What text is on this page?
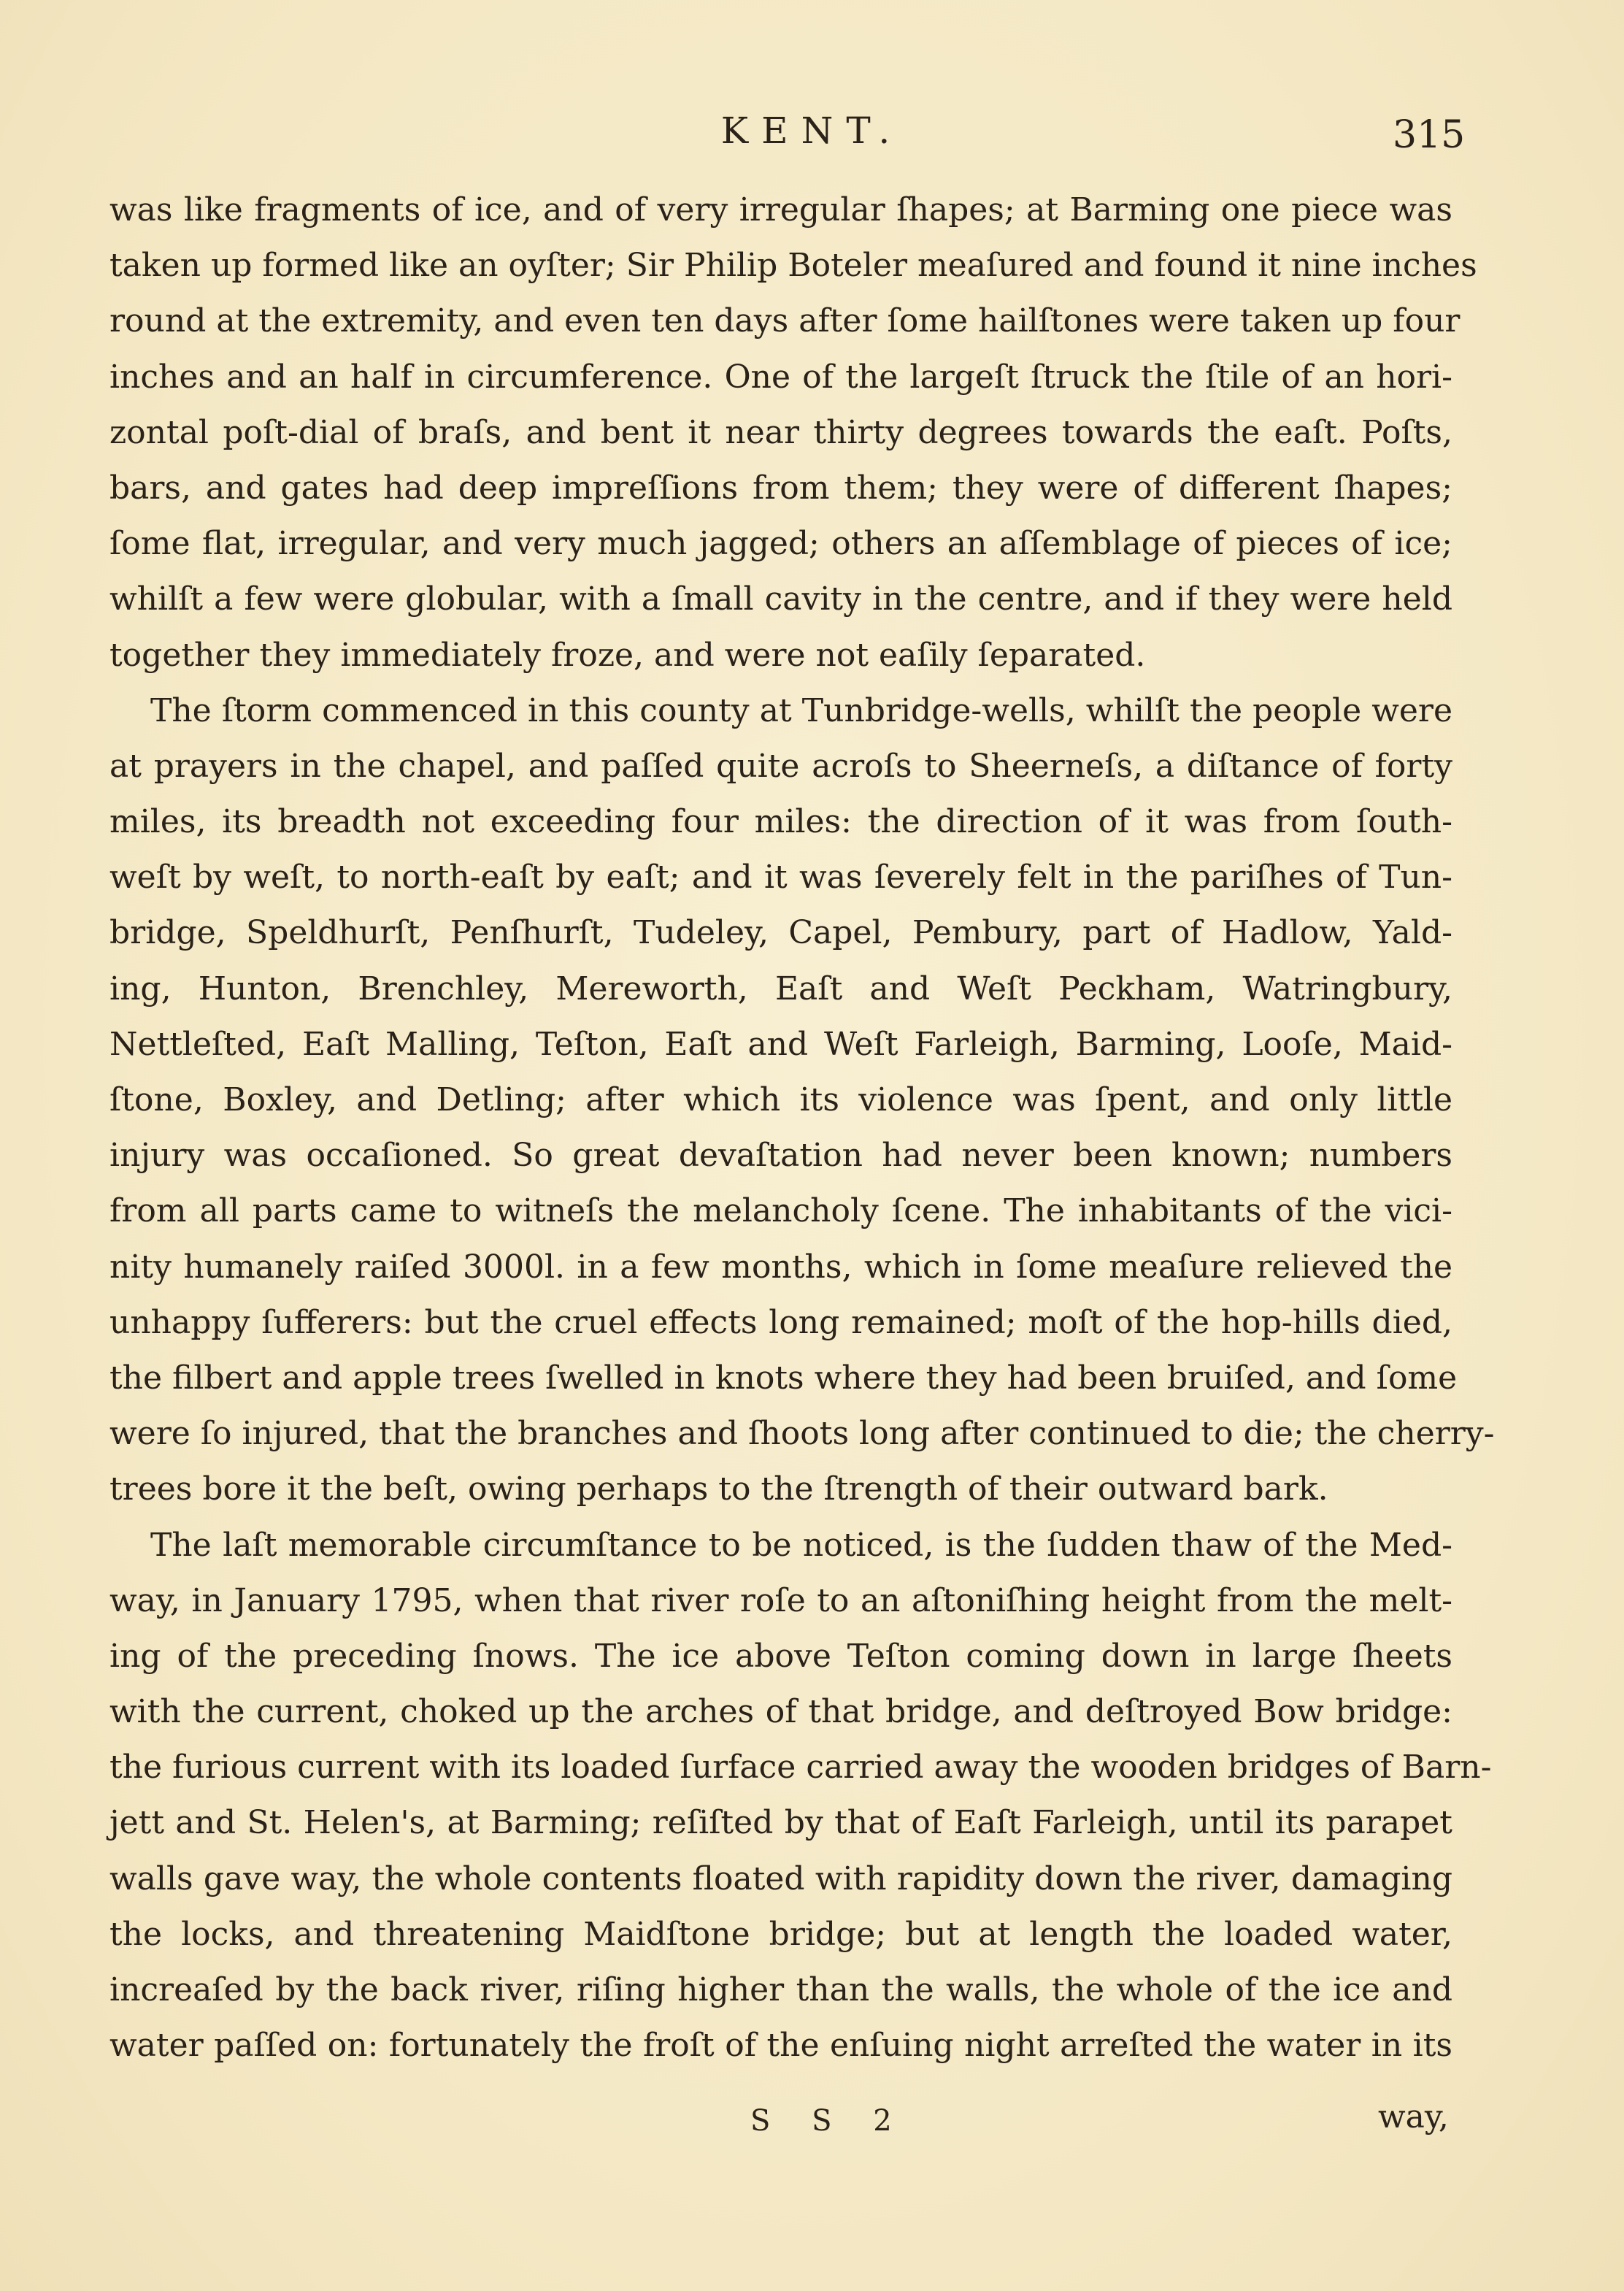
KENT.	315
was like fragments of ice, and of very irregular ſhapes; at Barming one piece was
taken up formed like an oyſter; Sir Philip Boteler meaſured and found it nine inches
round at the extremity, and even ten days after ſome hailſtones were taken up four
inches and an half in circumference. One of the largeſt ſtruck the ſtile of an hori-
zontal poſt-dial of braſs, and bent it near thirty degrees towards the eaſt. Poſts,
bars, and gates had deep impreſſions from them; they were of different ſhapes;
ſome flat, irregular, and very much jagged; others an aſſemblage of pieces of ice;
whilſt a few were globular, with a ſmall cavity in the centre, and if they were held
together they immediately froze, and were not eaſily ſeparated.
The ſtorm commenced in this county at Tunbridge-wells, whilſt the people were
at prayers in the chapel, and paſſed quite acroſs to Sheerneſs, a diſtance of forty
miles, its breadth not exceeding four miles: the direction of it was from ſouth-
weſt by weſt, to north-eaſt by eaſt; and it was ſeverely felt in the pariſhes of Tun-
bridge, Speldhurſt, Penſhurſt, Tudeley, Capel, Pembury, part of Hadlow, Yald-
ing, Hunton, Brenchley, Mereworth, Eaſt and Weſt Peckham, Watringbury,
Nettleſted, Eaſt Malling, Teſton, Eaſt and Weſt Farleigh, Barming, Looſe, Maid-
ſtone, Boxley, and Detling; after which its violence was ſpent, and only little
injury was occaſioned. So great devaſtation had never been known; numbers
from all parts came to witneſs the melancholy ſcene. The inhabitants of the vici-
nity humanely raiſed 3000l. in a few months, which in ſome meaſure relieved the
unhappy ſufferers: but the cruel effects long remained; moſt of the hop-hills died,
the filbert and apple trees ſwelled in knots where they had been bruiſed, and ſome
were ſo injured, that the branches and ſhoots long after continued to die; the cherry-
trees bore it the beſt, owing perhaps to the ſtrength of their outward bark.
The laſt memorable circumſtance to be noticed, is the ſudden thaw of the Med-
way, in January 1795, when that river roſe to an aſtoniſhing height from the melt-
ing of the preceding ſnows. The ice above Teſton coming down in large ſheets
with the current, choked up the arches of that bridge, and deſtroyed Bow bridge:
the furious current with its loaded ſurface carried away the wooden bridges of Barn-
jett and St. Helen's, at Barming; reſiſted by that of Eaſt Farleigh, until its parapet
walls gave way, the whole contents floated with rapidity down the river, damaging
the locks, and threatening Maidſtone bridge; but at length the loaded water,
increaſed by the back river, riſing higher than the walls, the whole of the ice and
water paſſed on: fortunately the froſt of the enſuing night arreſted the water in its
S S 2	way,
